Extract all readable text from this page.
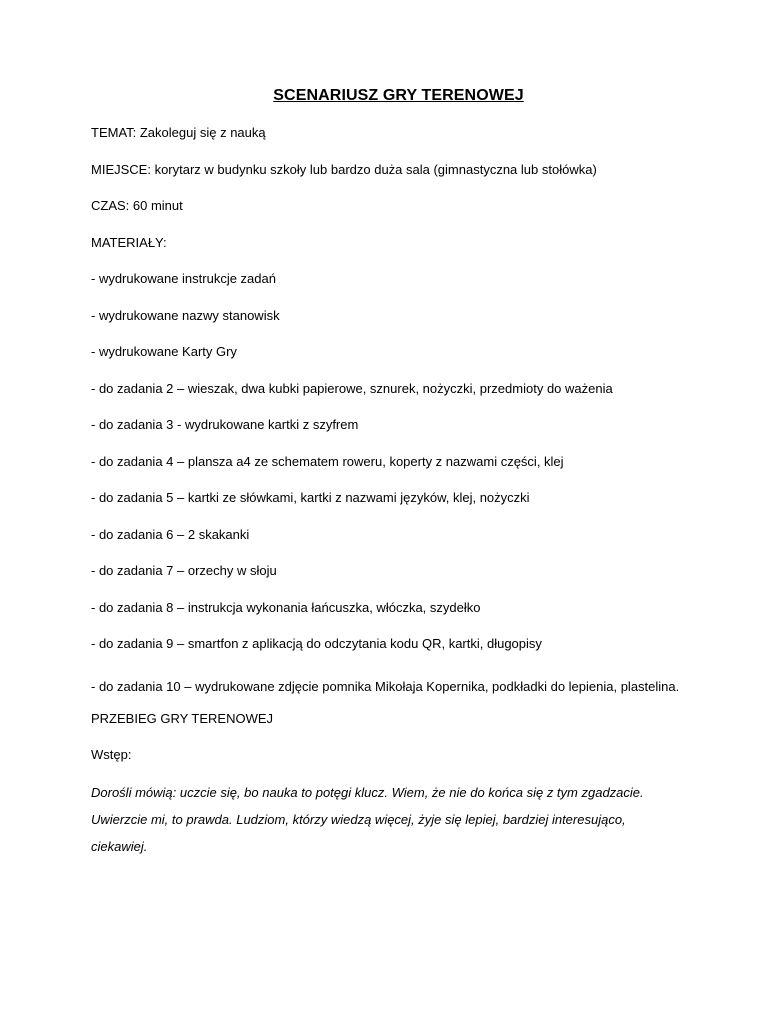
SCENARIUSZ GRY TERENOWEJ
TEMAT: Zakoleguj się z nauką
MIEJSCE: korytarz w budynku szkoły lub bardzo duża sala (gimnastyczna lub stołówka)
CZAS: 60 minut
MATERIAŁY:
- wydrukowane instrukcje zadań
- wydrukowane nazwy stanowisk
- wydrukowane Karty Gry
- do zadania 2 – wieszak, dwa kubki papierowe, sznurek, nożyczki, przedmioty do ważenia
- do zadania 3 - wydrukowane kartki z szyfrem
- do zadania 4 – plansza a4 ze schematem roweru, koperty z nazwami części, klej
- do zadania 5 – kartki ze słówkami, kartki z nazwami języków, klej, nożyczki
- do zadania 6 – 2 skakanki
- do zadania 7 – orzechy w słoju
- do zadania 8 – instrukcja wykonania łańcuszka, włóczka, szydełko
- do zadania 9 – smartfon z aplikacją do odczytania kodu QR, kartki, długopisy
- do zadania 10 – wydrukowane zdjęcie pomnika Mikołaja Kopernika, podkładki do lepienia, plastelina.
PRZEBIEG GRY TERENOWEJ
Wstęp:
Dorośli mówią: uczcie się, bo nauka to potęgi klucz. Wiem, że nie do końca się z tym zgadzacie. Uwierzcie mi, to prawda. Ludziom, którzy wiedzą więcej, żyje się lepiej, bardziej interesująco, ciekawiej.
